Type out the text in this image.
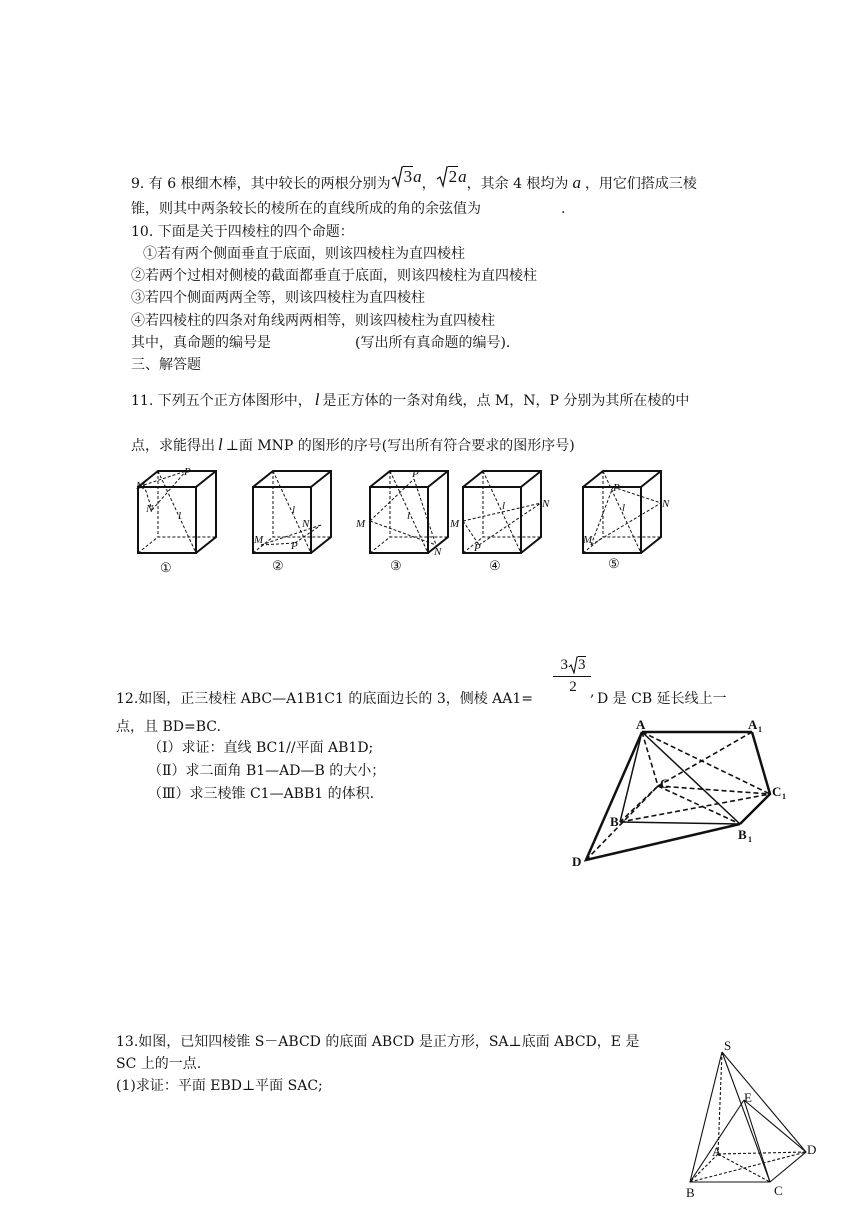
9. 有 6 根细木棒，其中较长的两根分别为 3 a ， 2 a ，其余 4 根均为 a ，用它们搭成三棱
锥，则其中两条较长的棱所在的直线所成的角的余弦值为	.
10. 下面是关于四棱柱的四个命题：
①若有两个侧面垂直于底面，则该四棱柱为直四棱柱
②若两个过相对侧棱的截面都垂直于底面，则该四棱柱为直四棱柱
③若四个侧面两两全等，则该四棱柱为直四棱柱
④若四棱柱的四条对角线两两相等，则该四棱柱为直四棱柱
其中，真命题的编号是	(写出所有真命题的编号).
三、解答题
11. 下列五个正方体图形中， l 是正方体的一条对角线，点 M，N，P 分别为其所在棱的中
点，求能得出 l ⊥面 MNP 的图形的序号(写出所有符合要求的图形序号)
M
P
N
l
M
N
P
l
M
P
N
l
M
N
P
l
M
P
N
l
①	②	③	④	⑤
12.如图，正三棱柱 ABC—A1B1C1 的底面边长的 3，侧棱 AA1=
3 3
2 , D 是 CB 延长线上一
点，且 BD=BC.
（Ⅰ）求证：直线 BC1//平面 AB1D;
（Ⅱ）求二面角 B1—AD—B 的大小；
（Ⅲ）求三棱锥 C1—ABB1 的体积.
A	A 1
C
C 1
B
B 1
D
13.如图，已知四棱锥 S－ABCD 的底面 ABCD 是正方形，SA⊥底面 ABCD，E 是
SC 上的一点.
(1)求证：平面 EBD⊥平面 SAC;
S
E
A	D
B	C
